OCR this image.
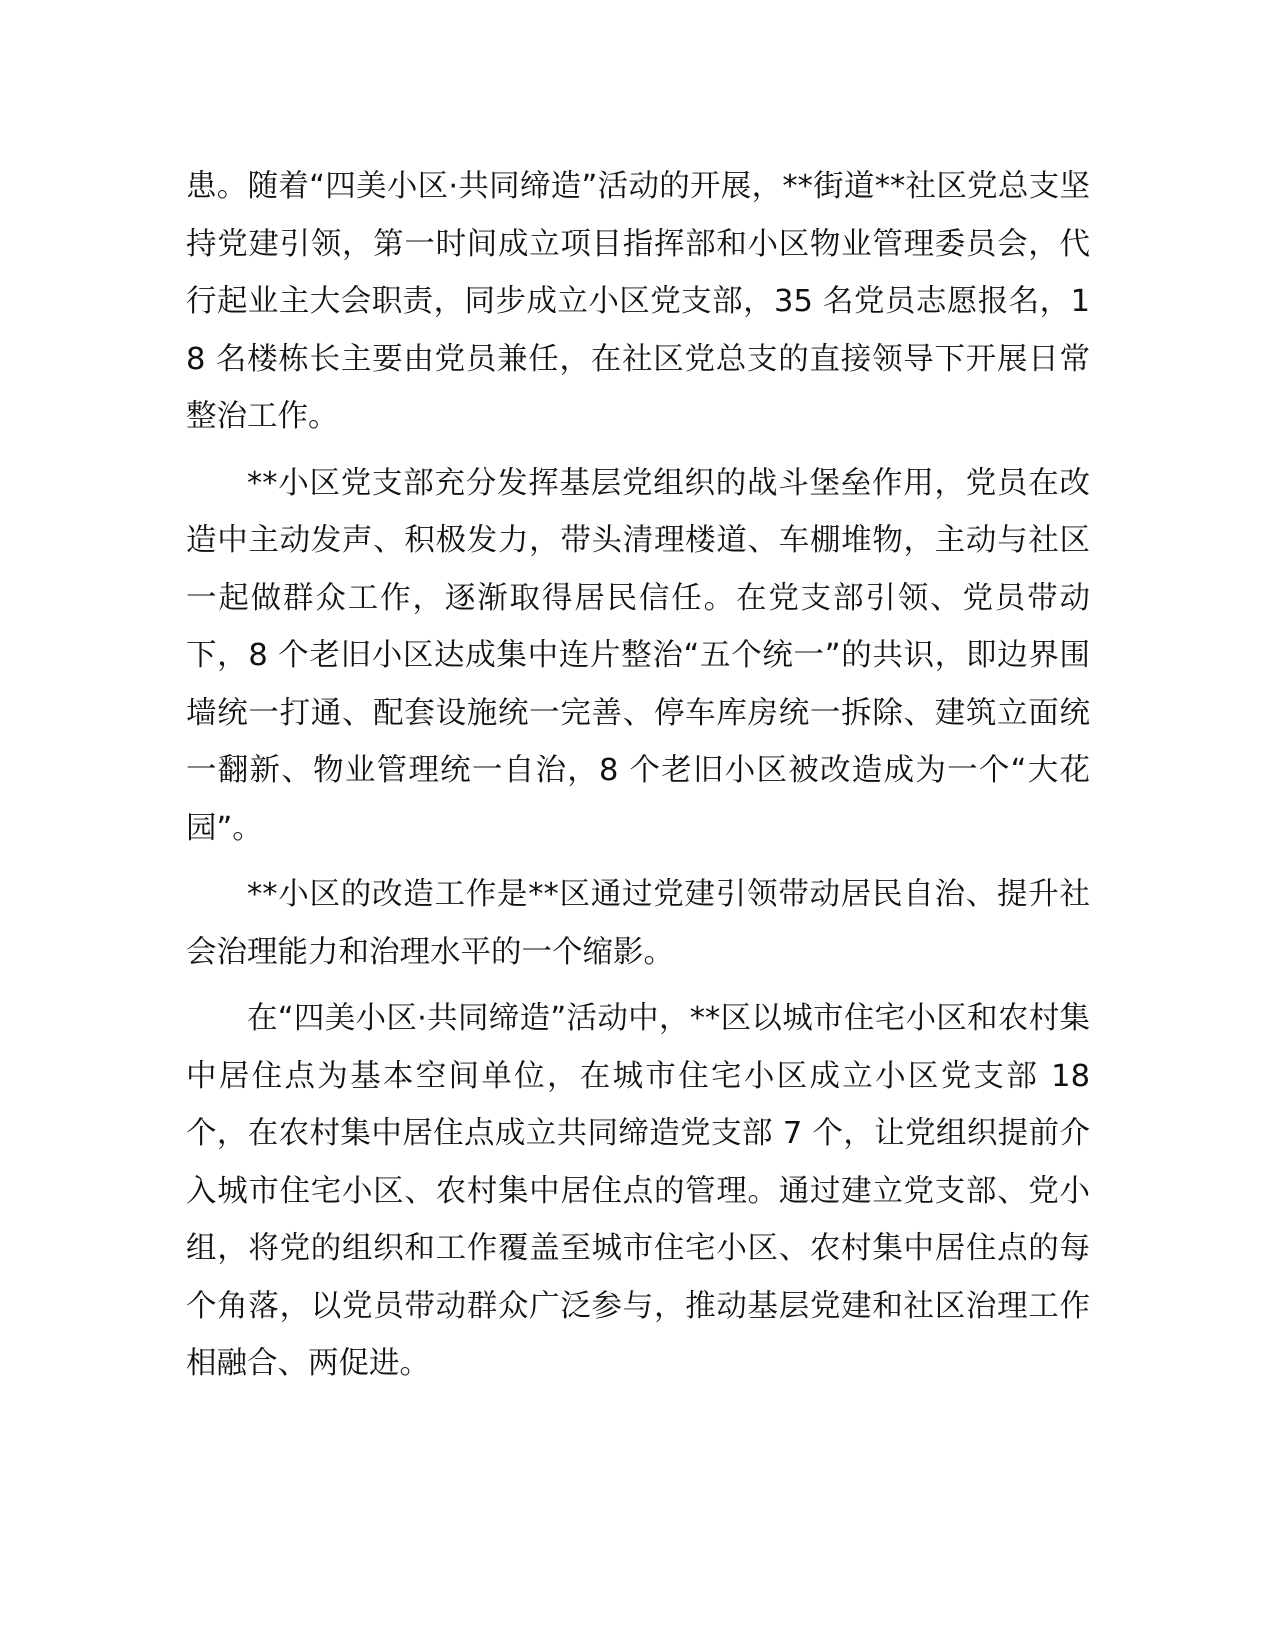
患。随着“四美小区·共同缔造”活动的开展，**街道**社区党总支坚持党建引领，第一时间成立项目指挥部和小区物业管理委员会，代行起业主大会职责，同步成立小区党支部，35 名党员志愿报名，18 名楼栋长主要由党员兼任，在社区党总支的直接领导下开展日常整治工作。

**小区党支部充分发挥基层党组织的战斗堡垒作用，党员在改造中主动发声、积极发力，带头清理楼道、车棚堆物，主动与社区一起做群众工作，逐渐取得居民信任。在党支部引领、党员带动下，8 个老旧小区达成集中连片整治“五个统一”的共识，即边界围墙统一打通、配套设施统一完善、停车库房统一拆除、建筑立面统一翻新、物业管理统一自治，8 个老旧小区被改造成为一个“大花园”。

**小区的改造工作是**区通过党建引领带动居民自治、提升社会治理能力和治理水平的一个缩影。

在“四美小区·共同缔造”活动中，**区以城市住宅小区和农村集中居住点为基本空间单位，在城市住宅小区成立小区党支部 18 个，在农村集中居住点成立共同缔造党支部 7 个，让党组织提前介入城市住宅小区、农村集中居住点的管理。通过建立党支部、党小组，将党的组织和工作覆盖至城市住宅小区、农村集中居住点的每个角落，以党员带动群众广泛参与，推动基层党建和社区治理工作相融合、两促进。
